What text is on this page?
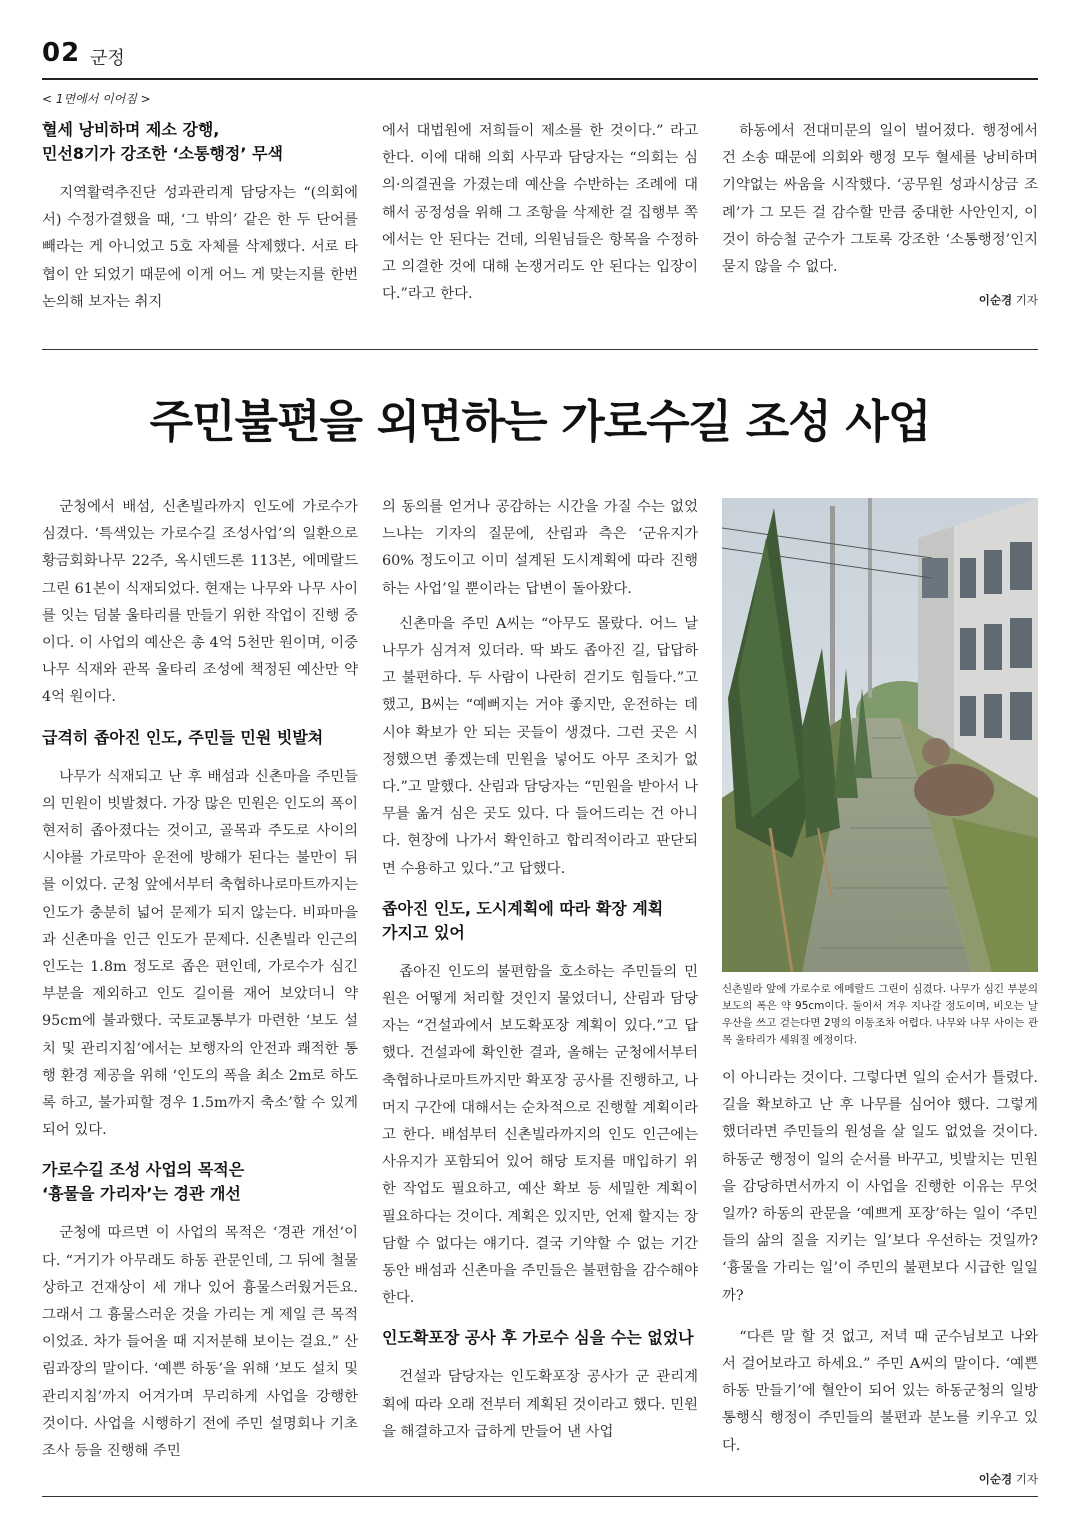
02 군정
< 1면에서 이어짐 >
혈세 낭비하며 제소 강행,
민선8기가 강조한 ‘소통행정’ 무색

지역활력추진단 성과관리계 담당자는 “(의회에서) 수정가결했을 때, ‘그 밖의’ 같은 한 두 단어를 빼라는 게 아니었고 5호 자체를 삭제했다. 서로 타협이 안 되었기 때문에 이게 어느 게 맞는지를 한번 논의해 보자는 취지

에서 대법원에 저희들이 제소를 한 것이다.” 라고 한다. 이에 대해 의회 사무과 담당자는 “의회는 심의·의결권을 가졌는데 예산을 수반하는 조례에 대해서 공정성을 위해 그 조항을 삭제한 걸 집행부 쪽에서는 안 된다는 건데, 의원님들은 항목을 수정하고 의결한 것에 대해 논쟁거리도 안 된다는 입장이다.”라고 한다.

하동에서 전대미문의 일이 벌어졌다. 행정에서 건 소송 때문에 의회와 행정 모두 혈세를 낭비하며 기약없는 싸움을 시작했다. ‘공무원 성과시상금 조례’가 그 모든 걸 감수할 만큼 중대한 사안인지, 이것이 하승철 군수가 그토록 강조한 ‘소통행정’인지 묻지 않을 수 없다.

이순경 기자
주민불편을 외면하는 가로수길 조성 사업

군청에서 배섬, 신촌빌라까지 인도에 가로수가 심겼다. ‘특색있는 가로수길 조성사업’의 일환으로 황금회화나무 22주, 옥시덴드론 113본, 에메랄드그린 61본이 식재되었다. 현재는 나무와 나무 사이를 잇는 덤불 울타리를 만들기 위한 작업이 진행 중이다. 이 사업의 예산은 총 4억 5천만 원이며, 이중 나무 식재와 관목 울타리 조성에 책정된 예산만 약 4억 원이다.

급격히 좁아진 인도, 주민들 민원 빗발쳐

나무가 식재되고 난 후 배섬과 신촌마을 주민들의 민원이 빗발쳤다. 가장 많은 민원은 인도의 폭이 현저히 좁아졌다는 것이고, 골목과 주도로 사이의 시야를 가로막아 운전에 방해가 된다는 불만이 뒤를 이었다. 군청 앞에서부터 축협하나로마트까지는 인도가 충분히 넓어 문제가 되지 않는다. 비파마을과 신촌마을 인근 인도가 문제다. 신촌빌라 인근의 인도는 1.8m 정도로 좁은 편인데, 가로수가 심긴 부분을 제외하고 인도 길이를 재어 보았더니 약 95cm에 불과했다. 국토교통부가 마련한 ‘보도 설치 및 관리지침’에서는 보행자의 안전과 쾌적한 통행 환경 제공을 위해 ‘인도의 폭을 최소 2m로 하도록 하고, 불가피할 경우 1.5m까지 축소’할 수 있게 되어 있다.

가로수길 조성 사업의 목적은
‘흉물을 가리자’는 경관 개선

군청에 따르면 이 사업의 목적은 ‘경관 개선’이다. “거기가 아무래도 하동 관문인데, 그 뒤에 철물상하고 건재상이 세 개나 있어 흉물스러웠거든요. 그래서 그 흉물스러운 것을 가리는 게 제일 큰 목적이었죠. 차가 들어올 때 지저분해 보이는 걸요.” 산림과장의 말이다. ‘예쁜 하동’을 위해 ‘보도 설치 및 관리지침’까지 어겨가며 무리하게 사업을 강행한 것이다. 사업을 시행하기 전에 주민 설명회나 기초조사 등을 진행해 주민

의 동의를 얻거나 공감하는 시간을 가질 수는 없었느냐는 기자의 질문에, 산림과 측은 ‘군유지가 60% 정도이고 이미 설계된 도시계획에 따라 진행하는 사업’일 뿐이라는 답변이 돌아왔다.

신촌마을 주민 A씨는 “아무도 몰랐다. 어느 날 나무가 심겨져 있더라. 딱 봐도 좁아진 길, 답답하고 불편하다. 두 사람이 나란히 걷기도 힘들다.”고 했고, B씨는 “예뻐지는 거야 좋지만, 운전하는 데 시야 확보가 안 되는 곳들이 생겼다. 그런 곳은 시정했으면 좋겠는데 민원을 넣어도 아무 조치가 없다.”고 말했다. 산림과 담당자는 “민원을 받아서 나무를 옮겨 심은 곳도 있다. 다 들어드리는 건 아니다. 현장에 나가서 확인하고 합리적이라고 판단되면 수용하고 있다.”고 답했다.

좁아진 인도, 도시계획에 따라 확장 계획
가지고 있어

좁아진 인도의 불편함을 호소하는 주민들의 민원은 어떻게 처리할 것인지 물었더니, 산림과 담당자는 “건설과에서 보도확포장 계획이 있다.”고 답했다. 건설과에 확인한 결과, 올해는 군청에서부터 축협하나로마트까지만 확포장 공사를 진행하고, 나머지 구간에 대해서는 순차적으로 진행할 계획이라고 한다. 배섬부터 신촌빌라까지의 인도 인근에는 사유지가 포함되어 있어 해당 토지를 매입하기 위한 작업도 필요하고, 예산 확보 등 세밀한 계획이 필요하다는 것이다. 계획은 있지만, 언제 할지는 장담할 수 없다는 얘기다. 결국 기약할 수 없는 기간 동안 배섬과 신촌마을 주민들은 불편함을 감수해야 한다.

인도확포장 공사 후 가로수 심을 수는 없었나

건설과 담당자는 인도확포장 공사가 군 관리계획에 따라 오래 전부터 계획된 것이라고 했다. 민원을 해결하고자 급하게 만들어 낸 사업

신촌빌라 앞에 가로수로 에메랄드 그린이 심겼다. 나무가 심긴 부분의 보도의 폭은 약 95cm이다. 둘이서 겨우 지나갈 정도이며, 비오는 날 우산을 쓰고 걷는다면 2명의 이동조차 어렵다. 나무와 나무 사이는 관목 울타리가 세워질 예정이다.

이 아니라는 것이다. 그렇다면 일의 순서가 틀렸다. 길을 확보하고 난 후 나무를 심어야 했다. 그렇게 했더라면 주민들의 원성을 살 일도 없었을 것이다. 하동군 행정이 일의 순서를 바꾸고, 빗발치는 민원을 감당하면서까지 이 사업을 진행한 이유는 무엇일까? 하동의 관문을 ‘예쁘게 포장’하는 일이 ‘주민들의 삶의 질을 지키는 일’보다 우선하는 것일까? ‘흉물을 가리는 일’이 주민의 불편보다 시급한 일일까?

“다른 말 할 것 없고, 저녁 때 군수님보고 나와서 걸어보라고 하세요.” 주민 A씨의 말이다. ‘예쁜 하동 만들기’에 혈안이 되어 있는 하동군청의 일방통행식 행정이 주민들의 불편과 분노를 키우고 있다.

이순경 기자
